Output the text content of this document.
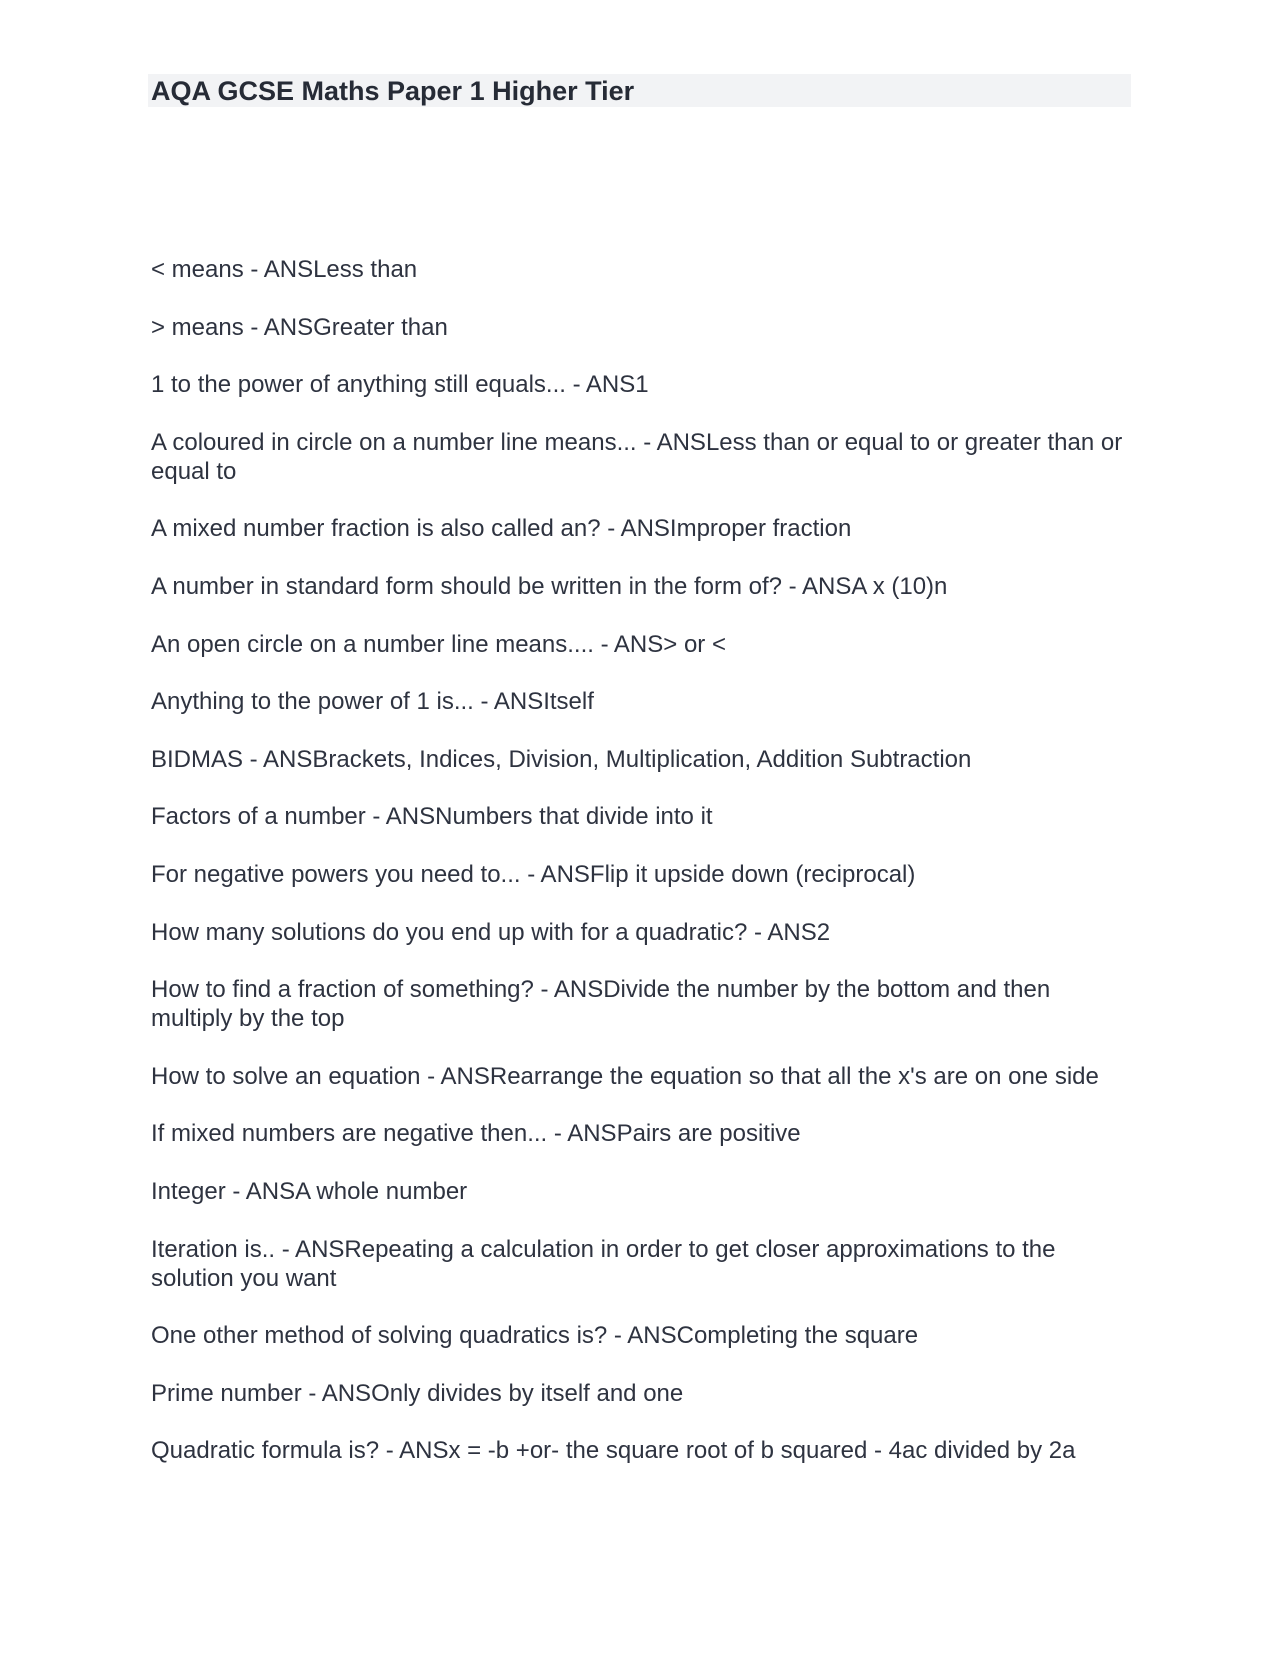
AQA GCSE Maths Paper 1 Higher Tier
< means - ANSLess than
> means - ANSGreater than
1 to the power of anything still equals... - ANS1
A coloured in circle on a number line means... - ANSLess than or equal to or greater than or equal to
A mixed number fraction is also called an? - ANSImproper fraction
A number in standard form should be written in the form of? - ANSA x (10)n
An open circle on a number line means.... - ANS> or <
Anything to the power of 1 is... - ANSItself
BIDMAS - ANSBrackets, Indices, Division, Multiplication, Addition Subtraction
Factors of a number - ANSNumbers that divide into it
For negative powers you need to... - ANSFlip it upside down (reciprocal)
How many solutions do you end up with for a quadratic? - ANS2
How to find a fraction of something? - ANSDivide the number by the bottom and then multiply by the top
How to solve an equation - ANSRearrange the equation so that all the x's are on one side
If mixed numbers are negative then... - ANSPairs are positive
Integer - ANSA whole number
Iteration is.. - ANSRepeating a calculation in order to get closer approximations to the solution you want
One other method of solving quadratics is? - ANSCompleting the square
Prime number - ANSOnly divides by itself and one
Quadratic formula is? - ANSx = -b +or- the square root of b squared - 4ac divided by 2a
